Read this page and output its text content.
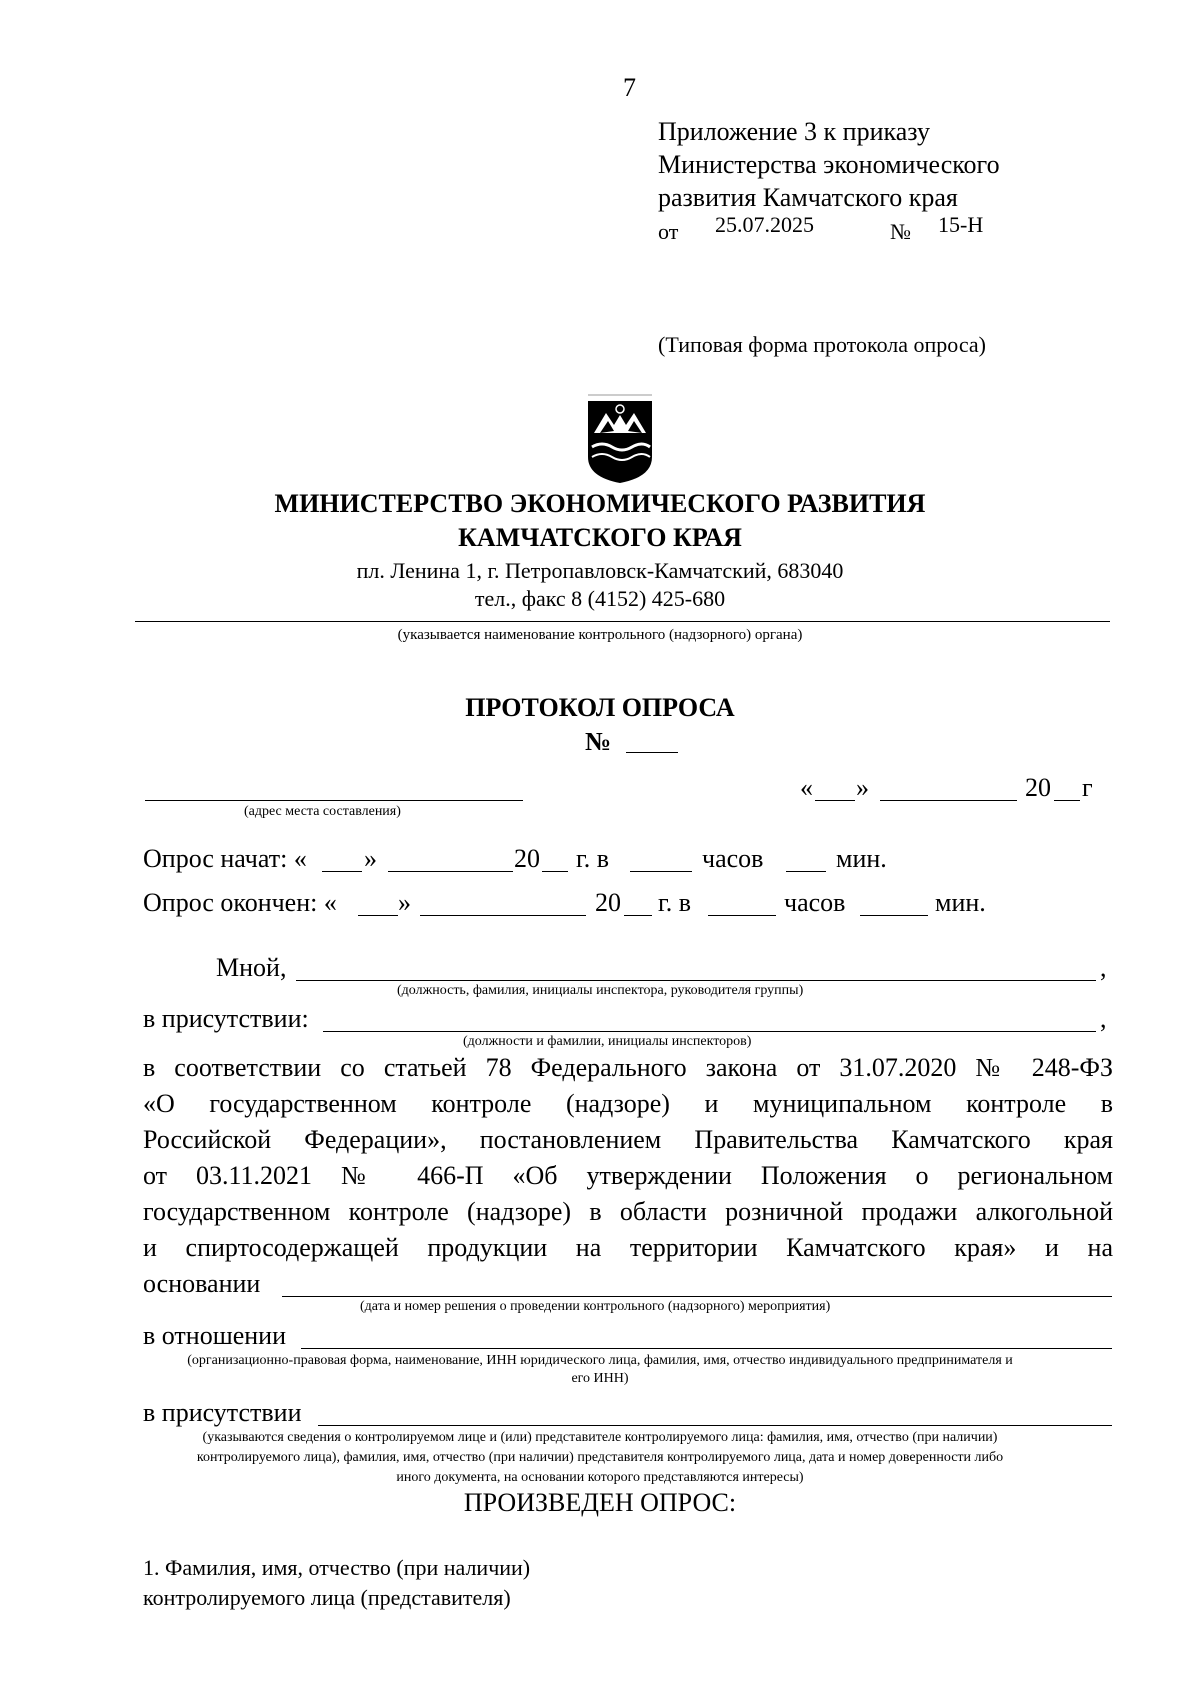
7
Приложение 3 к приказу
Министерства экономического
развития Камчатского края
от 25.07.2025	№ 15-Н
(Типовая форма протокола опроса)
МИНИСТЕРСТВО ЭКОНОМИЧЕСКОГО РАЗВИТИЯ
КАМЧАТСКОГО КРАЯ
пл. Ленина 1, г. Петропавловск-Камчатский, 683040
тел., факс 8 (4152) 425-680
(указывается наименование контрольного (надзорного) органа)
ПРОТОКОЛ ОПРОСА
№
(адрес места составления)
« »	20 г
Опрос начат: « »	20 г. в	часов	мин.
Опрос окончен: « »	20 г. в	часов	мин.
Мной,	,
(должность, фамилия, инициалы инспектора, руководителя группы)
в присутствии:	,
(должности и фамилии, инициалы инспекторов)
в соответствии со статьей 78 Федерального закона от 31.07.2020 № 248-ФЗ
«О государственном контроле (надзоре) и муниципальном контроле в
Российской Федерации», постановлением Правительства Камчатского края
от 03.11.2021 № 466-П «Об утверждении Положения о региональном
государственном контроле (надзоре) в области розничной продажи алкогольной
и спиртосодержащей продукции на территории Камчатского края» и на
основании
(дата и номер решения о проведении контрольного (надзорного) мероприятия)
в отношении
(организационно-правовая форма, наименование, ИНН юридического лица, фамилия, имя, отчество индивидуального предпринимателя и
его ИНН)
в присутствии
(указываются сведения о контролируемом лице и (или) представителе контролируемого лица: фамилия, имя, отчество (при наличии)
контролируемого лица), фамилия, имя, отчество (при наличии) представителя контролируемого лица, дата и номер доверенности либо
иного документа, на основании которого представляются интересы)
ПРОИЗВЕДЕН ОПРОС:
1. Фамилия, имя, отчество (при наличии)
контролируемого лица (представителя)
